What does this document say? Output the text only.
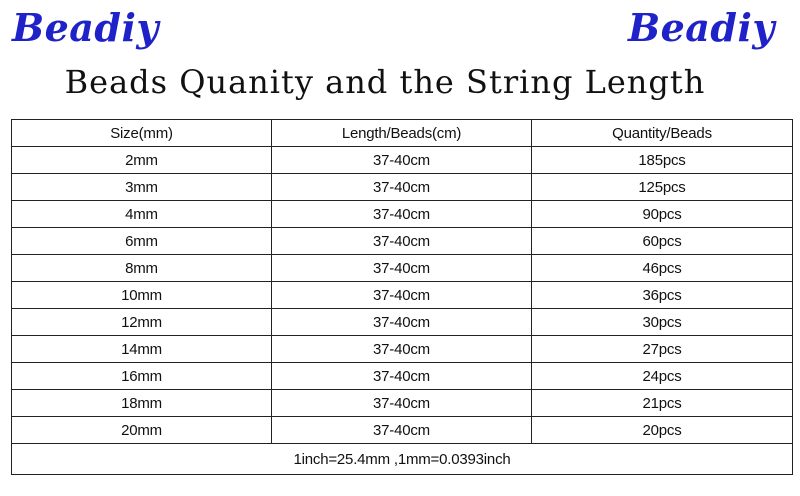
Beadiy	Beadiy
Beads Quanity and the String Length
Size(mm)	Length/Beads(cm)	Quantity/Beads
2mm	37-40cm	185pcs
3mm	37-40cm	125pcs
4mm	37-40cm	90pcs
6mm	37-40cm	60pcs
8mm	37-40cm	46pcs
10mm	37-40cm	36pcs
12mm	37-40cm	30pcs
14mm	37-40cm	27pcs
16mm	37-40cm	24pcs
18mm	37-40cm	21pcs
20mm	37-40cm	20pcs
1inch=25.4mm ,1mm=0.0393inch		
